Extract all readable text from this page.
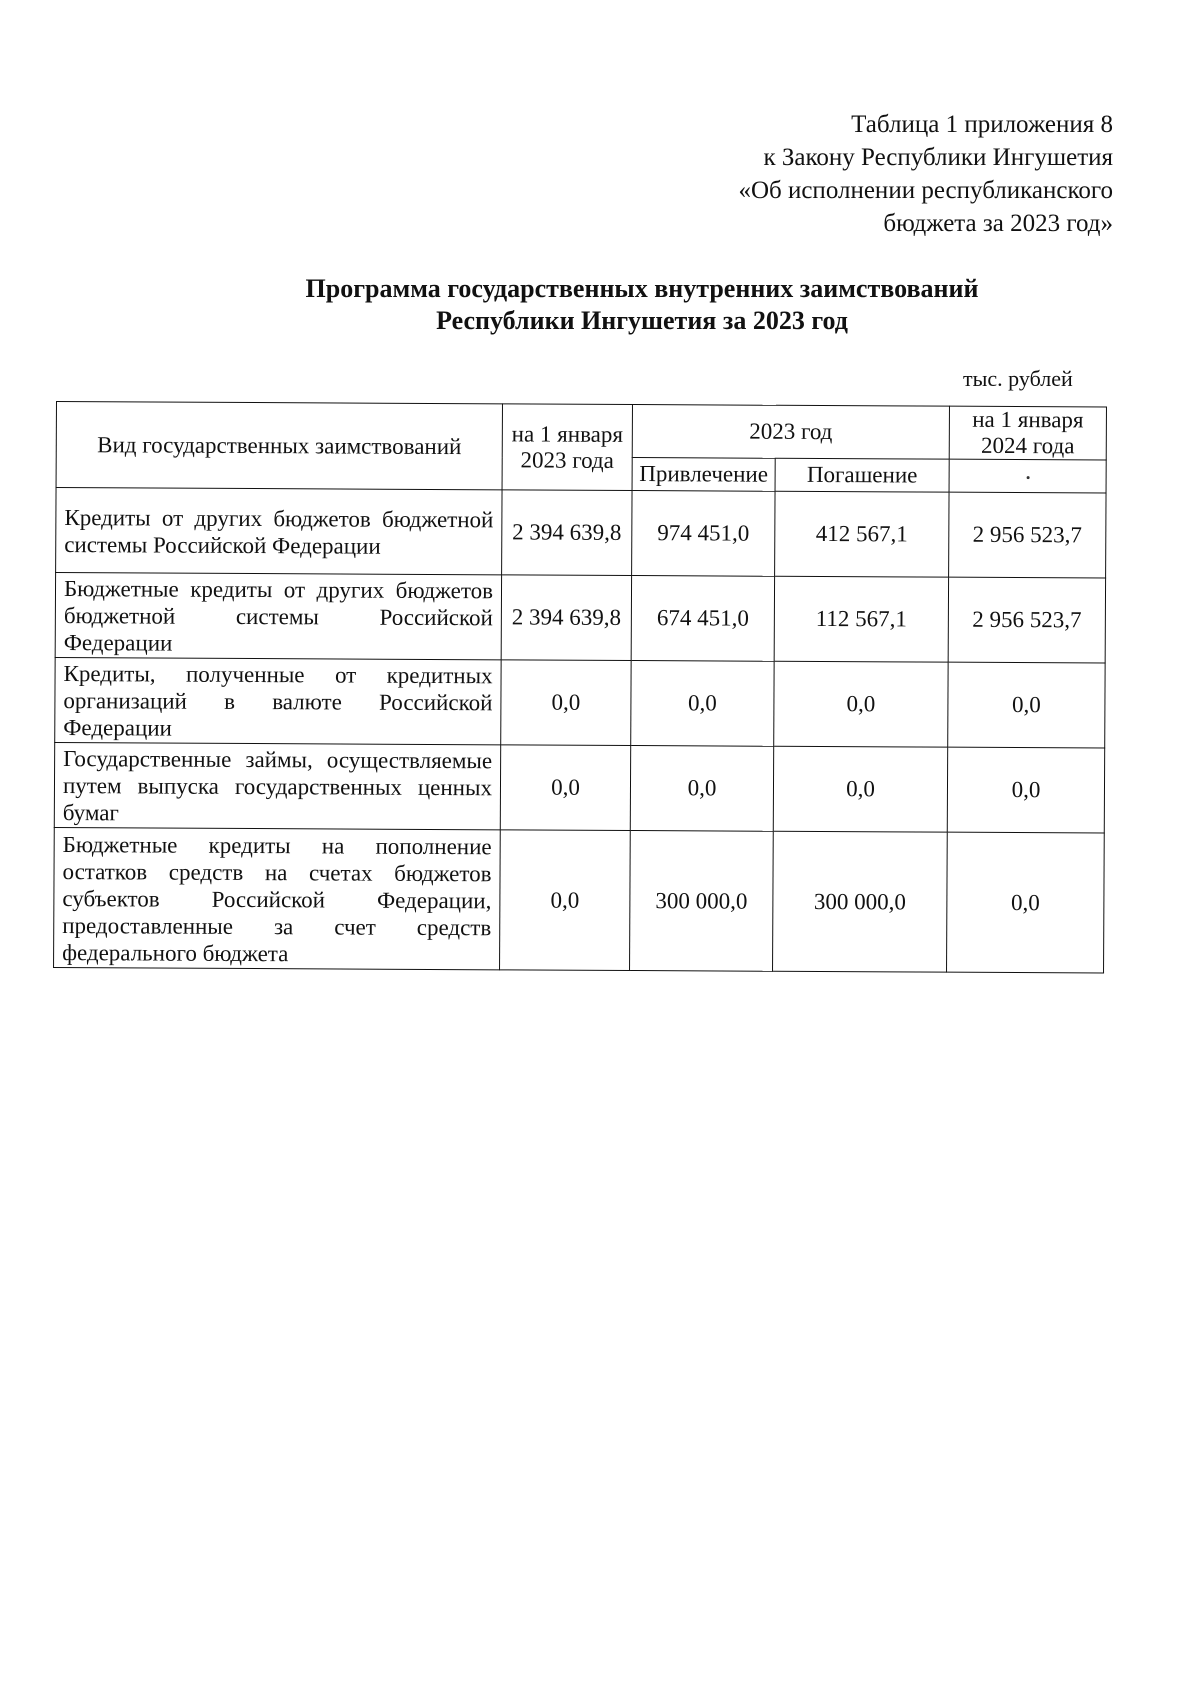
Таблица 1 приложения 8
к Закону Республики Ингушетия
«Об исполнении республиканского
бюджета за 2023 год»
Программа государственных внутренних заимствований
Республики Ингушетия за 2023 год
тыс. рублей
Вид государственных заимствований	на 1 января 2023 года	2023 год		на 1 января 2024 года
		Привлечение	Погашение	
Кредиты от других бюджетов бюджетной системы Российской Федерации	2 394 639,8	974 451,0	412 567,1	2 956 523,7
Бюджетные кредиты от других бюджетов бюджетной системы Российской Федерации	2 394 639,8	674 451,0	112 567,1	2 956 523,7
Кредиты, полученные от кредитных организаций в валюте Российской Федерации	0,0	0,0	0,0	0,0
Государственные займы, осуществляемые путем выпуска государственных ценных бумаг	0,0	0,0	0,0	0,0
Бюджетные кредиты на пополнение остатков средств на счетах бюджетов субъектов Российской Федерации, предоставленные за счет средств федерального бюджета	0,0	300 000,0	300 000,0	0,0
